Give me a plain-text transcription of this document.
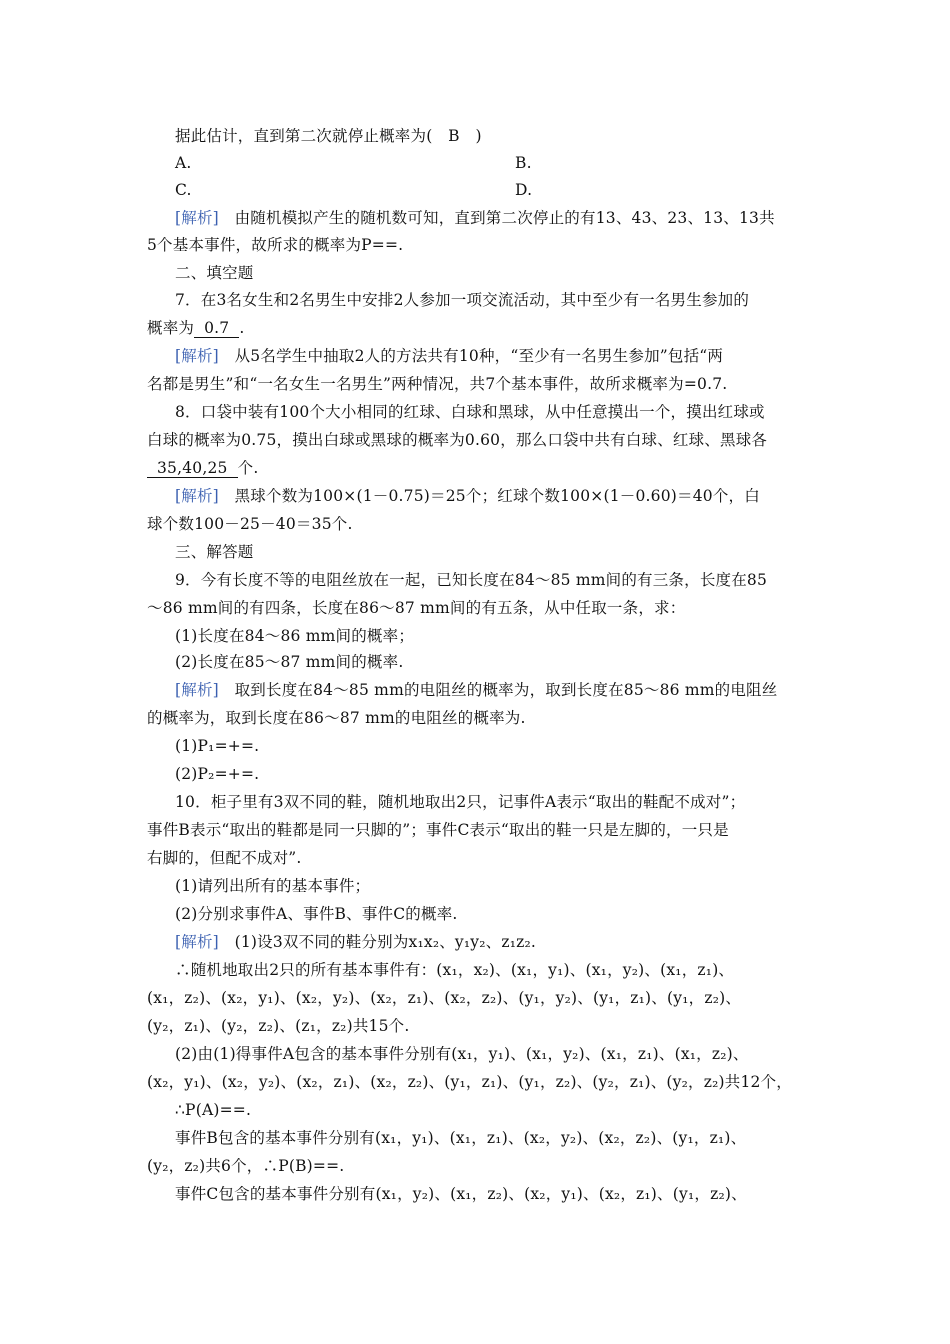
据此估计，直到第二次就停止概率为(　B　)
A.	B.
C.	D.
[解析]　由随机模拟产生的随机数可知，直到第二次停止的有13、43、23、13、13共
5个基本事件，故所求的概率为P==.
二、填空题
7．在3名女生和2名男生中安排2人参加一项交流活动，其中至少有一名男生参加的
概率为 0.7 .
[解析]　从5名学生中抽取2人的方法共有10种，“至少有一名男生参加”包括“两
名都是男生”和“一名女生一名男生”两种情况，共7个基本事件，故所求概率为=0.7.
8．口袋中装有100个大小相同的红球、白球和黑球，从中任意摸出一个，摸出红球或
白球的概率为0.75，摸出白球或黑球的概率为0.60，那么口袋中共有白球、红球、黑球各
35,40,25 个.
[解析]　黑球个数为100×(1－0.75)＝25个；红球个数100×(1－0.60)＝40个，白
球个数100－25－40＝35个.
三、解答题
9．今有长度不等的电阻丝放在一起，已知长度在84～85 mm间的有三条，长度在85
～86 mm间的有四条，长度在86～87 mm间的有五条，从中任取一条，求：
(1)长度在84～86 mm间的概率；
(2)长度在85～87 mm间的概率.
[解析]　取到长度在84～85 mm的电阻丝的概率为，取到长度在85～86 mm的电阻丝
的概率为，取到长度在86～87 mm的电阻丝的概率为.
(1)P₁=+=.
(2)P₂=+=.
10．柜子里有3双不同的鞋，随机地取出2只，记事件A表示“取出的鞋配不成对”；
事件B表示“取出的鞋都是同一只脚的”；事件C表示“取出的鞋一只是左脚的，一只是
右脚的，但配不成对”.
(1)请列出所有的基本事件；
(2)分别求事件A、事件B、事件C的概率.
[解析]　(1)设3双不同的鞋分别为x₁x₂、y₁y₂、z₁z₂.
∴随机地取出2只的所有基本事件有：(x₁，x₂)、(x₁，y₁)、(x₁，y₂)、(x₁，z₁)、
(x₁，z₂)、(x₂，y₁)、(x₂，y₂)、(x₂，z₁)、(x₂，z₂)、(y₁，y₂)、(y₁，z₁)、(y₁，z₂)、
(y₂，z₁)、(y₂，z₂)、(z₁，z₂)共15个.
(2)由(1)得事件A包含的基本事件分别有(x₁，y₁)、(x₁，y₂)、(x₁，z₁)、(x₁，z₂)、
(x₂，y₁)、(x₂，y₂)、(x₂，z₁)、(x₂，z₂)、(y₁，z₁)、(y₁，z₂)、(y₂，z₁)、(y₂，z₂)共12个，
∴P(A)==.
事件B包含的基本事件分别有(x₁，y₁)、(x₁，z₁)、(x₂，y₂)、(x₂，z₂)、(y₁，z₁)、
(y₂，z₂)共6个，∴P(B)==.
事件C包含的基本事件分别有(x₁，y₂)、(x₁，z₂)、(x₂，y₁)、(x₂，z₁)、(y₁，z₂)、
